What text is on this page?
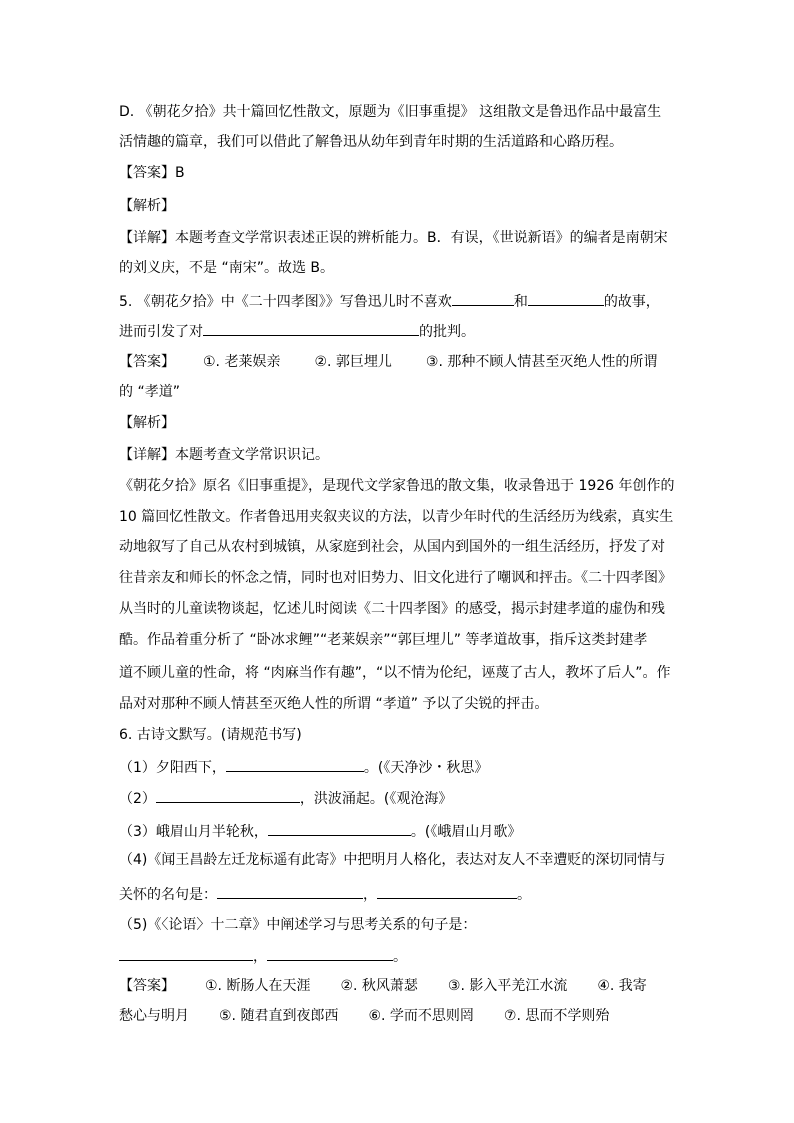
D. 《朝花夕拾》共十篇回忆性散文，原题为《旧事重提》 这组散文是鲁迅作品中最富生
活情趣的篇章，我们可以借此了解鲁迅从幼年到青年时期的生活道路和心路历程。
【答案】B
【解析】
【详解】本题考查文学常识表述正误的辨析能力。B．有误，《世说新语》的编者是南朝宋
的刘义庆，不是 “南宋”。故选 B。
5. 《朝花夕拾》中《二十四孝图》》写鲁迅儿时不喜欢	和	的故事，
进而引发了对	的批判。
【答案】 ①. 老莱娱亲 ②. 郭巨埋儿 ③. 那种不顾人情甚至灭绝人性的所谓
的 “孝道”
【解析】
【详解】本题考查文学常识识记。
《朝花夕拾》原名《旧事重提》，是现代文学家鲁迅的散文集，收录鲁迅于 1926 年创作的
10 篇回忆性散文。作者鲁迅用夹叙夹议的方法，以青少年时代的生活经历为线索，真实生
动地叙写了自己从农村到城镇，从家庭到社会，从国内到国外的一组生活经历，抒发了对
往昔亲友和师长的怀念之情，同时也对旧势力、旧文化进行了嘲讽和抨击。《二十四孝图》
从当时的儿童读物谈起，忆述儿时阅读《二十四孝图》的感受，揭示封建孝道的虚伪和残
酷。作品着重分析了 “卧冰求鲤”“老莱娱亲”“郭巨埋儿” 等孝道故事，指斥这类封建孝
道不顾儿童的性命，将 “肉麻当作有趣”，“以不情为伦纪，诬蔑了古人，教坏了后人”。作
品对对那种不顾人情甚至灭绝人性的所谓 “孝道” 予以了尖锐的抨击。
6. 古诗文默写。(请规范书写)
（1）夕阳西下，	。(《天净沙・秋思》
（2）	，洪波涌起。(《观沧海》
（3）峨眉山月半轮秋，	。(《峨眉山月歌》
（4)《闻王昌龄左迁龙标遥有此寄》中把明月人格化，表达对友人不幸遭贬的深切同情与
关怀的名句是：	，	。
（5)《〈论语〉十二章》中阐述学习与思考关系的句子是：
，	。
【答案】 ①. 断肠人在天涯 ②. 秋风萧瑟 ③. 影入平羌江水流 ④. 我寄
愁心与明月 ⑤. 随君直到夜郎西 ⑥. 学而不思则罔 ⑦. 思而不学则殆
